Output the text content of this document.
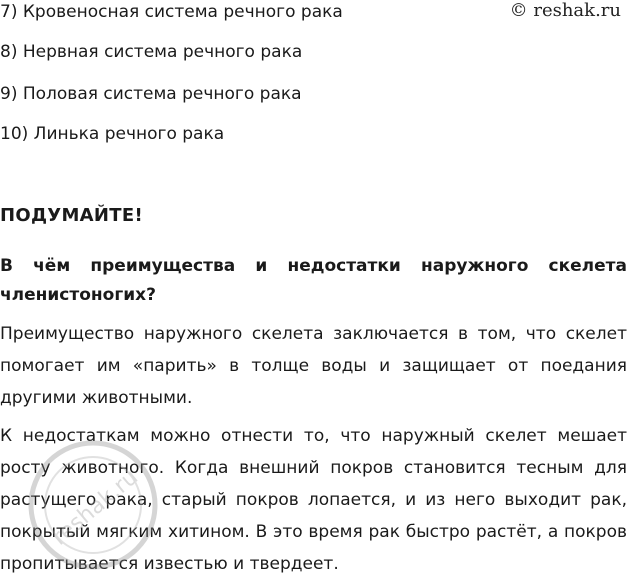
© reshak.ru
7) Кровеносная система речного рака
8) Нервная система речного рака
9) Половая система речного рака
10) Линька речного рака
ПОДУМАЙТЕ!
В чём преимущества и недостатки наружного скелета членистоногих?

Преимущество наружного скелета заключается в том, что скелет помогает им «парить» в толще воды и защищает от поедания другими животными.

К недостаткам можно отнести то, что наружный скелет мешает росту животного. Когда внешний покров становится тесным для растущего рака, старый покров лопается, и из него выходит рак, покрытый мягким хитином. В это время рак быстро растёт, а покров пропитывается известью и твердеет.

reshak.ru
